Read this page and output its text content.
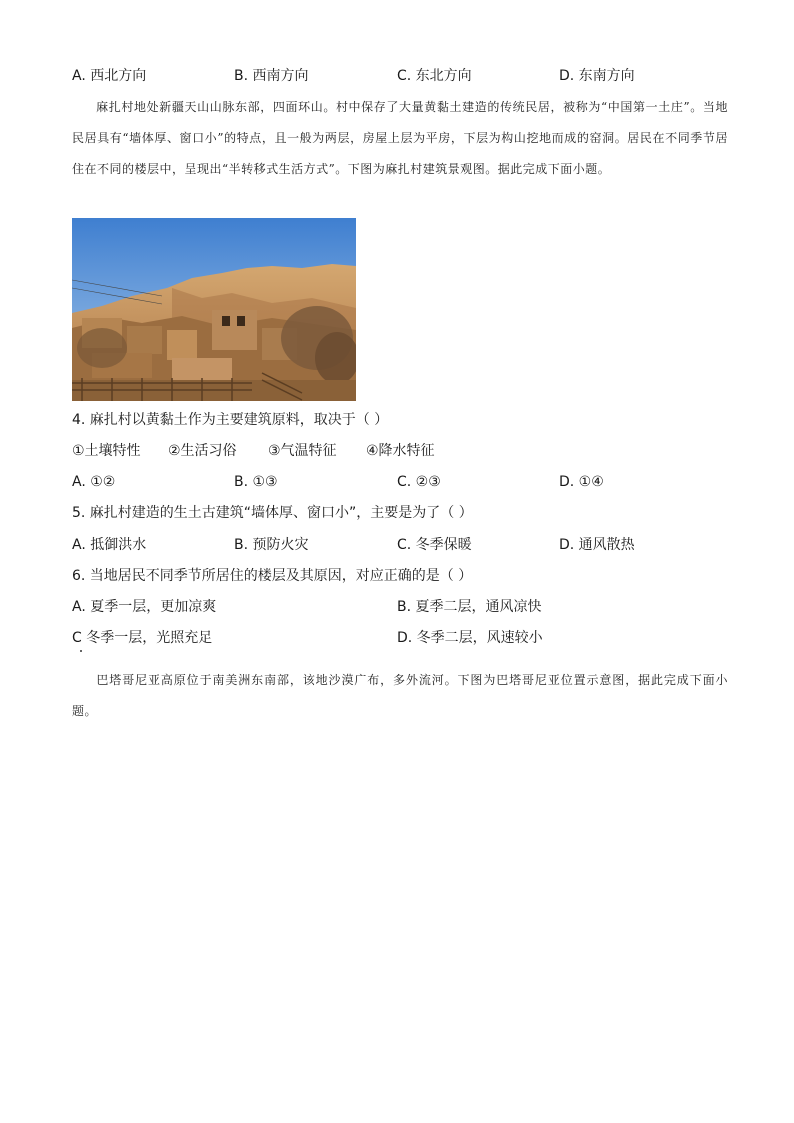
A. 西北方向	B. 西南方向	C. 东北方向	D. 东南方向
麻扎村地处新疆天山山脉东部，四面环山。村中保存了大量黄黏土建造的传统民居，被称为“中国第一土庄”。当地民居具有“墙体厚、窗口小”的特点，且一般为两层，房屋上层为平房，下层为构山挖地而成的窑洞。居民在不同季节居住在不同的楼层中，呈现出“半转移式生活方式”。下图为麻扎村建筑景观图。据此完成下面小题。
4. 麻扎村以黄黏土作为主要建筑原料，取决于（ ）
①土壤特性 ②生活习俗 ③气温特征 ④降水特征
A. ①②	B. ①③	C. ②③	D. ①④
5. 麻扎村建造的生土古建筑“墙体厚、窗口小”，主要是为了（ ）
A. 抵御洪水	B. 预防火灾	C. 冬季保暖	D. 通风散热
6. 当地居民不同季节所居住的楼层及其原因，对应正确的是（ ）
A. 夏季一层，更加凉爽	B. 夏季二层，通风凉快
C 冬季一层，光照充足	D. 冬季二层，风速较小
巴塔哥尼亚高原位于南美洲东南部，该地沙漠广布，多外流河。下图为巴塔哥尼亚位置示意图，据此完成下面小题。
